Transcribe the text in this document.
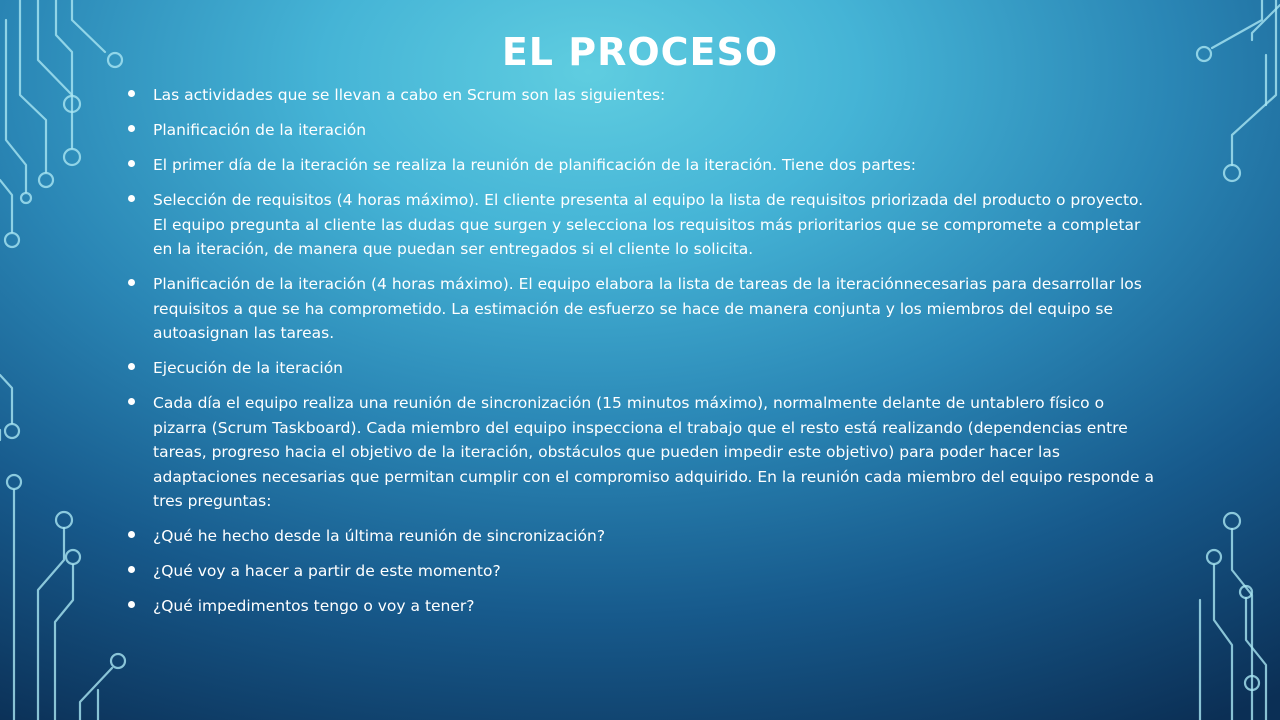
EL PROCESO
Las actividades que se llevan a cabo en Scrum son las siguientes:
Planificación de la iteración
El primer día de la iteración se realiza la reunión de planificación de la iteración. Tiene dos partes:
Selección de requisitos (4 horas máximo). El cliente presenta al equipo la lista de requisitos priorizada del producto o proyecto. El equipo pregunta al cliente las dudas que surgen y selecciona los requisitos más prioritarios que se compromete a completar en la iteración, de manera que puedan ser entregados si el cliente lo solicita.
Planificación de la iteración (4 horas máximo). El equipo elabora la lista de tareas de la iteraciónnecesarias para desarrollar los requisitos a que se ha comprometido. La estimación de esfuerzo se hace de manera conjunta y los miembros del equipo se autoasignan las tareas.
Ejecución de la iteración
Cada día el equipo realiza una reunión de sincronización (15 minutos máximo), normalmente delante de untablero físico o pizarra (Scrum Taskboard). Cada miembro del equipo inspecciona el trabajo que el resto está realizando (dependencias entre tareas, progreso hacia el objetivo de la iteración, obstáculos que pueden impedir este objetivo) para poder hacer las adaptaciones necesarias que permitan cumplir con el compromiso adquirido. En la reunión cada miembro del equipo responde a tres preguntas:
¿Qué he hecho desde la última reunión de sincronización?
¿Qué voy a hacer a partir de este momento?
¿Qué impedimentos tengo o voy a tener?
